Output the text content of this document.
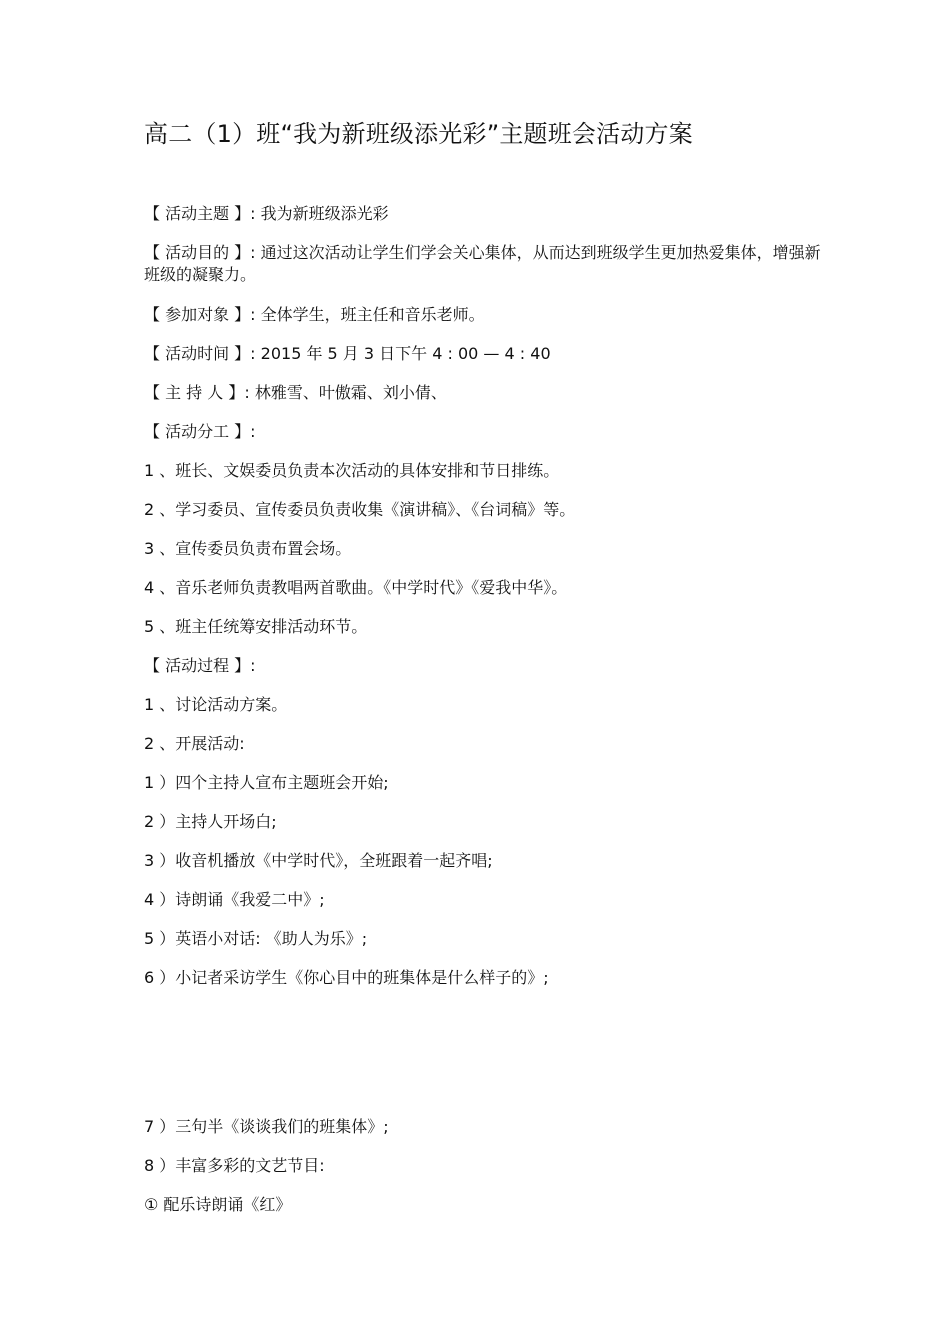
高二（1）班“我为新班级添光彩”主题班会活动方案
【 活动主题 】: 我为新班级添光彩
【 活动目的 】: 通过这次活动让学生们学会关心集体，从而达到班级学生更加热爱集体，增强新班级的凝聚力。
【 参加对象 】: 全体学生，班主任和音乐老师。
【 活动时间 】: 2015 年 5 月 3 日下午 4 : 00 — 4 : 40
【 主 持 人 】: 林雅雪、叶傲霜、刘小倩、
【 活动分工 】:
1 、班长、文娱委员负责本次活动的具体安排和节日排练。
2 、学习委员、宣传委员负责收集《演讲稿》、《台词稿》等。
3 、宣传委员负责布置会场。
4 、音乐老师负责教唱两首歌曲。《中学时代》《爱我中华》。
5 、班主任统筹安排活动环节。
【 活动过程 】:
1 、讨论活动方案。
2 、开展活动:
1 ）四个主持人宣布主题班会开始;
2 ）主持人开场白;
3 ）收音机播放《中学时代》，全班跟着一起齐唱;
4 ）诗朗诵《我爱二中》;
5 ）英语小对话: 《助人为乐》;
6 ）小记者采访学生《你心目中的班集体是什么样子的》;
7 ）三句半《谈谈我们的班集体》;
8 ）丰富多彩的文艺节目:
① 配乐诗朗诵《红》
